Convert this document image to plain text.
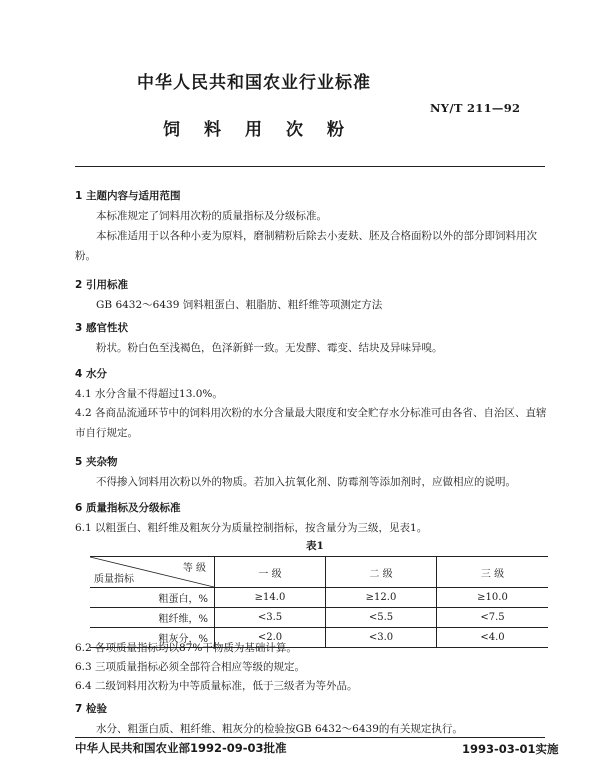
中华人民共和国农业行业标准
NY/T 211—92
饲料用次粉
1 主题内容与适用范围
本标准规定了饲料用次粉的质量指标及分级标准。
本标准适用于以各种小麦为原料，磨制精粉后除去小麦麸、胚及合格面粉以外的部分即饲料用次粉。
2 引用标准
GB 6432～6439 饲料粗蛋白、粗脂肪、粗纤维等项测定方法
3 感官性状
粉状。粉白色至浅褐色，色泽新鲜一致。无发酵、霉变、结块及异味异嗅。
4 水分
4.1 水分含量不得超过13.0%。
4.2 各商品流通环节中的饲料用次粉的水分含量最大限度和安全贮存水分标准可由各省、自治区、直辖市自行规定。
5 夹杂物
不得掺入饲料用次粉以外的物质。若加入抗氧化剂、防霉剂等添加剂时，应做相应的说明。
6 质量指标及分级标准
6.1 以粗蛋白、粗纤维及粗灰分为质量控制指标，按含量分为三级，见表1。
表1
等 级
质量指标	一 级	二 级	三 级
粗蛋白，%	≥14.0	≥12.0	≥10.0
粗纤维，%	<3.5	<5.5	<7.5
粗灰分，%	<2.0	<3.0	<4.0
6.2 各项质量指标均以87%干物质为基础计算。
6.3 三项质量指标必须全部符合相应等级的规定。
6.4 二级饲料用次粉为中等质量标准，低于三级者为等外品。
7 检验
水分、粗蛋白质、粗纤维、粗灰分的检验按GB 6432～6439的有关规定执行。
中华人民共和国农业部1992-09-03批准	1993-03-01实施
